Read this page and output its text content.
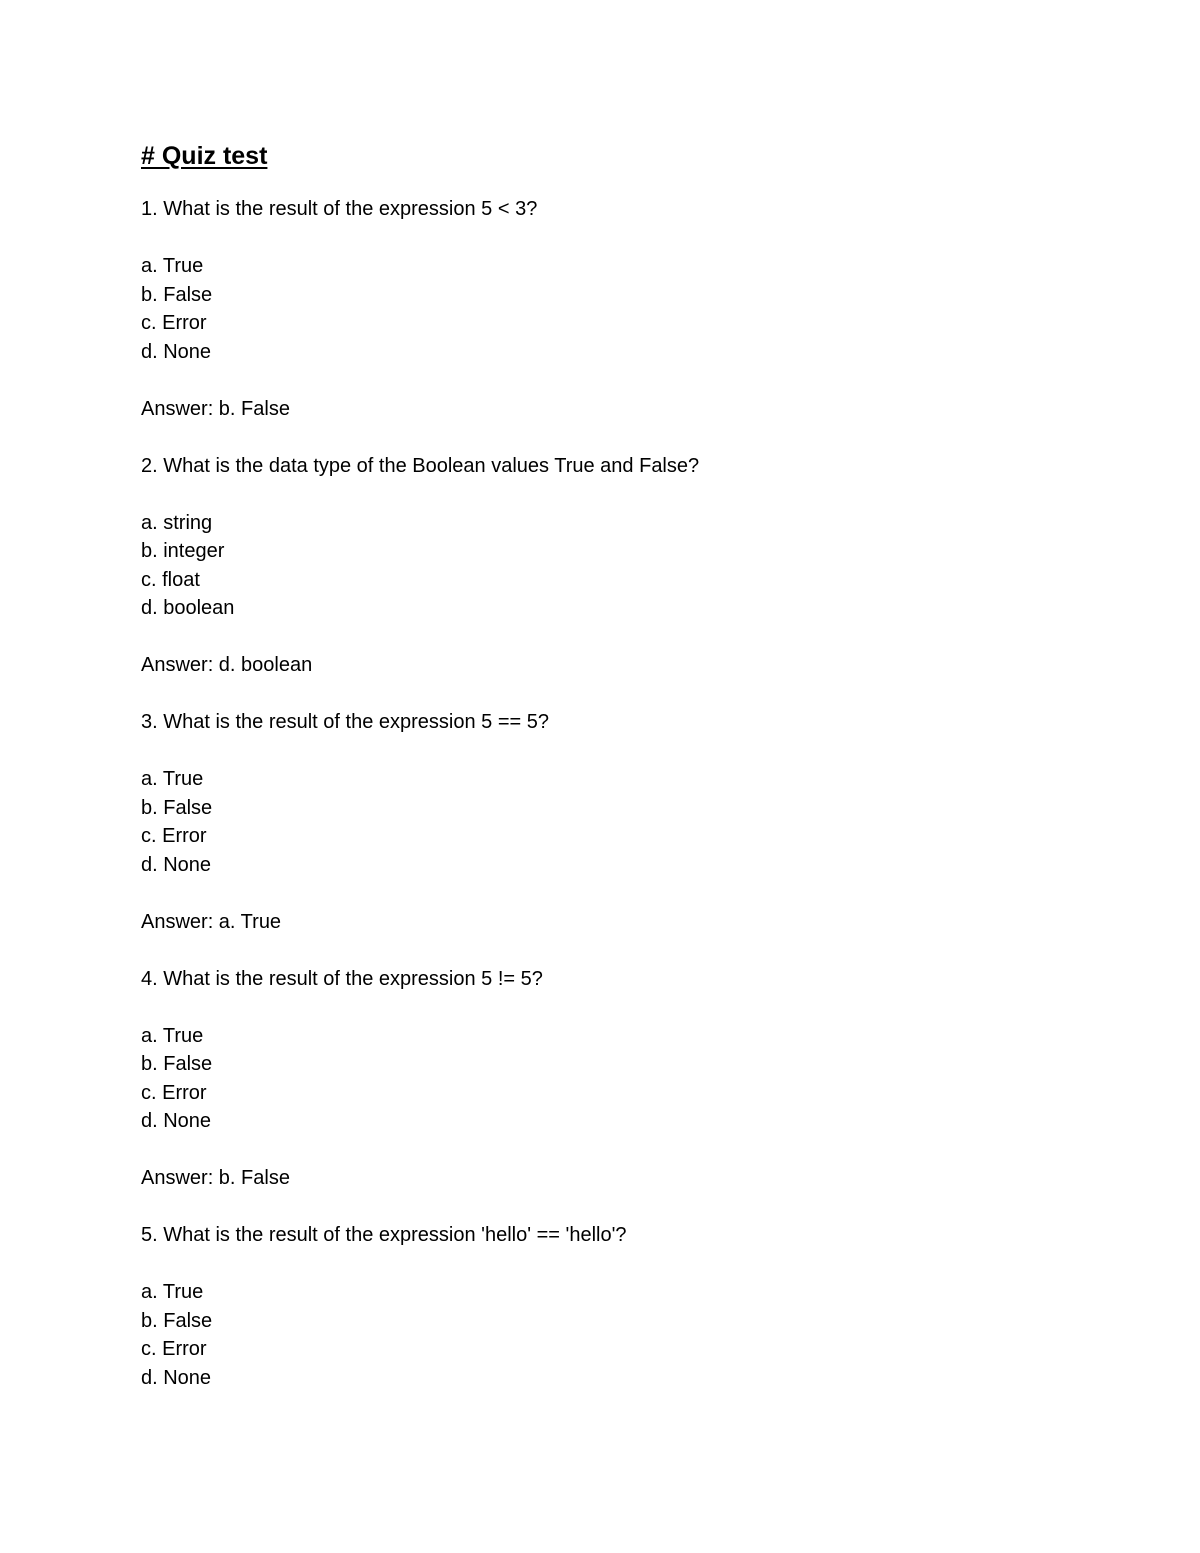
# Quiz test
1. What is the result of the expression 5 < 3?
a. True
b. False
c. Error
d. None
Answer: b. False
2. What is the data type of the Boolean values True and False?
a. string
b. integer
c. float
d. boolean
Answer: d. boolean
3. What is the result of the expression 5 == 5?
a. True
b. False
c. Error
d. None
Answer: a. True
4. What is the result of the expression 5 != 5?
a. True
b. False
c. Error
d. None
Answer: b. False
5. What is the result of the expression 'hello' == 'hello'?
a. True
b. False
c. Error
d. None
